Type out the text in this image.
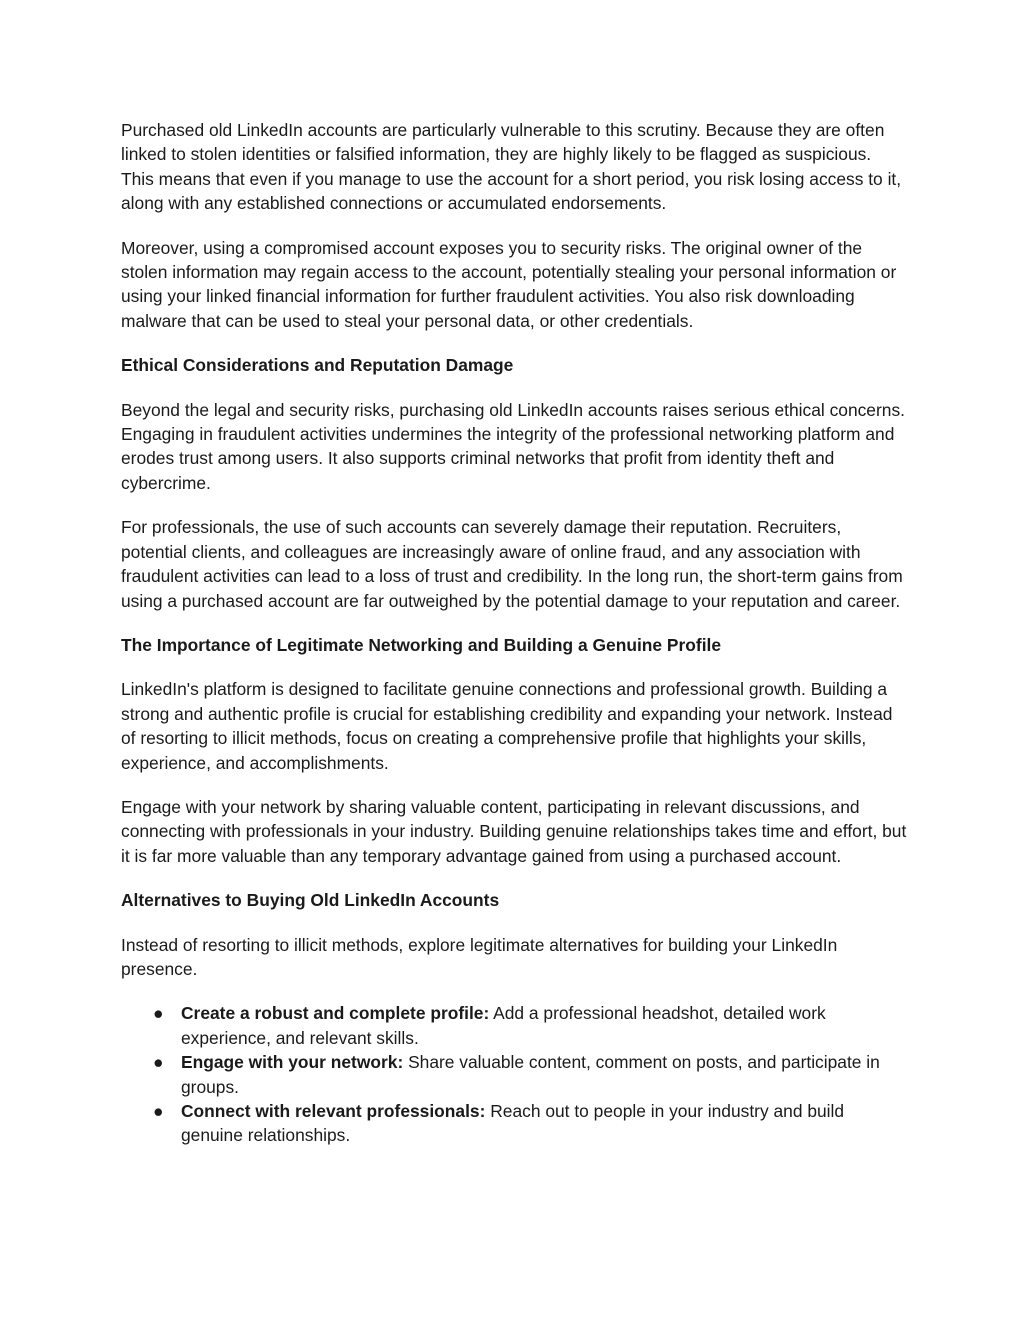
Purchased old LinkedIn accounts are particularly vulnerable to this scrutiny. Because they are often linked to stolen identities or falsified information, they are highly likely to be flagged as suspicious. This means that even if you manage to use the account for a short period, you risk losing access to it, along with any established connections or accumulated endorsements.

Moreover, using a compromised account exposes you to security risks. The original owner of the stolen information may regain access to the account, potentially stealing your personal information or using your linked financial information for further fraudulent activities. You also risk downloading malware that can be used to steal your personal data, or other credentials.

Ethical Considerations and Reputation Damage

Beyond the legal and security risks, purchasing old LinkedIn accounts raises serious ethical concerns. Engaging in fraudulent activities undermines the integrity of the professional networking platform and erodes trust among users. It also supports criminal networks that profit from identity theft and cybercrime.

For professionals, the use of such accounts can severely damage their reputation. Recruiters, potential clients, and colleagues are increasingly aware of online fraud, and any association with fraudulent activities can lead to a loss of trust and credibility. In the long run, the short-term gains from using a purchased account are far outweighed by the potential damage to your reputation and career.

The Importance of Legitimate Networking and Building a Genuine Profile

LinkedIn's platform is designed to facilitate genuine connections and professional growth. Building a strong and authentic profile is crucial for establishing credibility and expanding your network. Instead of resorting to illicit methods, focus on creating a comprehensive profile that highlights your skills, experience, and accomplishments.

Engage with your network by sharing valuable content, participating in relevant discussions, and connecting with professionals in your industry. Building genuine relationships takes time and effort, but it is far more valuable than any temporary advantage gained from using a purchased account.

Alternatives to Buying Old LinkedIn Accounts

Instead of resorting to illicit methods, explore legitimate alternatives for building your LinkedIn presence.

● Create a robust and complete profile: Add a professional headshot, detailed work experience, and relevant skills.
● Engage with your network: Share valuable content, comment on posts, and participate in groups.
● Connect with relevant professionals: Reach out to people in your industry and build genuine relationships.
